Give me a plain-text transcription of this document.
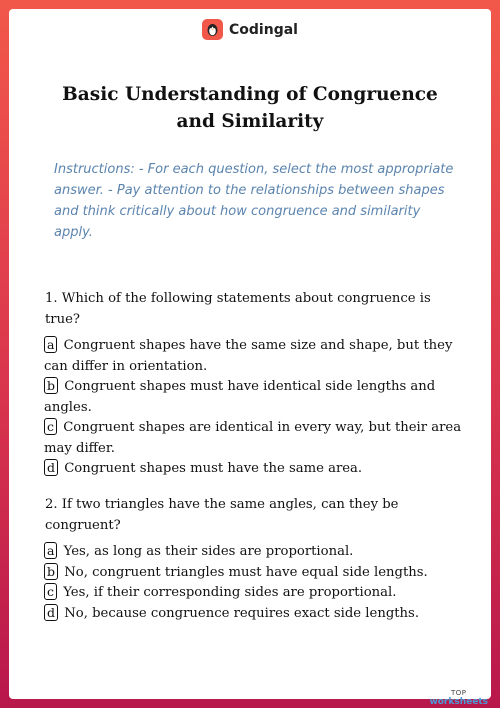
Codingal
Basic Understanding of Congruence and Similarity

Instructions: - For each question, select the most appropriate answer. - Pay attention to the relationships between shapes and think critically about how congruence and similarity apply.

1. Which of the following statements about congruence is true?

a Congruent shapes have the same size and shape, but they can differ in orientation.

b Congruent shapes must have identical side lengths and angles.

c Congruent shapes are identical in every way, but their area may differ.

d Congruent shapes must have the same area.

2. If two triangles have the same angles, can they be congruent?

a Yes, as long as their sides are proportional.

b No, congruent triangles must have equal side lengths.

c Yes, if their corresponding sides are proportional.

d No, because congruence requires exact side lengths.

TOP
worksheets
